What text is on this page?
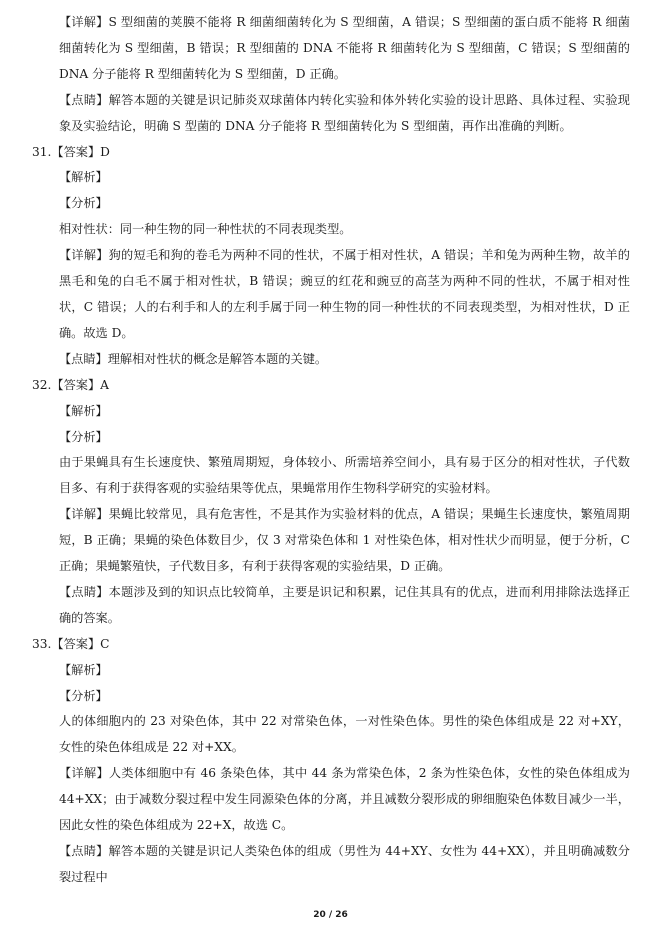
【详解】S 型细菌的荚膜不能将 R 细菌细菌转化为 S 型细菌，A 错误；S 型细菌的蛋白质不能将 R 细菌细菌转化为 S 型细菌，B 错误；R 型细菌的 DNA 不能将 R 细菌转化为 S 型细菌，C 错误；S 型细菌的 DNA 分子能将 R 型细菌转化为 S 型细菌，D 正确。

【点睛】解答本题的关键是识记肺炎双球菌体内转化实验和体外转化实验的设计思路、具体过程、实验现象及实验结论，明确 S 型菌的 DNA 分子能将 R 型细菌转化为 S 型细菌，再作出准确的判断。

31.【答案】D

【解析】

【分析】

相对性状：同一种生物的同一种性状的不同表现类型。

【详解】狗的短毛和狗的卷毛为两种不同的性状，不属于相对性状，A 错误；羊和兔为两种生物，故羊的黑毛和兔的白毛不属于相对性状，B 错误；豌豆的红花和豌豆的高茎为两种不同的性状，不属于相对性状，C 错误；人的右利手和人的左利手属于同一种生物的同一种性状的不同表现类型，为相对性状，D 正确。故选 D。

【点睛】理解相对性状的概念是解答本题的关键。

32.【答案】A

【解析】

【分析】

由于果蝇具有生长速度快、繁殖周期短，身体较小、所需培养空间小，具有易于区分的相对性状，子代数目多、有利于获得客观的实验结果等优点，果蝇常用作生物科学研究的实验材料。

【详解】果蝇比较常见，具有危害性，不是其作为实验材料的优点，A 错误；果蝇生长速度快，繁殖周期短，B 正确；果蝇的染色体数目少，仅 3 对常染色体和 1 对性染色体，相对性状少而明显，便于分析，C 正确；果蝇繁殖快，子代数目多，有利于获得客观的实验结果，D 正确。

【点睛】本题涉及到的知识点比较简单，主要是识记和积累，记住其具有的优点，进而利用排除法选择正确的答案。

33.【答案】C

【解析】

【分析】

人的体细胞内的 23 对染色体，其中 22 对常染色体，一对性染色体。男性的染色体组成是 22 对+XY，女性的染色体组成是 22 对+XX。

【详解】人类体细胞中有 46 条染色体，其中 44 条为常染色体，2 条为性染色体，女性的染色体组成为 44+XX；由于减数分裂过程中发生同源染色体的分离，并且减数分裂形成的卵细胞染色体数目减少一半，因此女性的染色体组成为 22+X，故选 C。

【点睛】解答本题的关键是识记人类染色体的组成（男性为 44+XY、女性为 44+XX），并且明确减数分裂过程中

20 / 26
